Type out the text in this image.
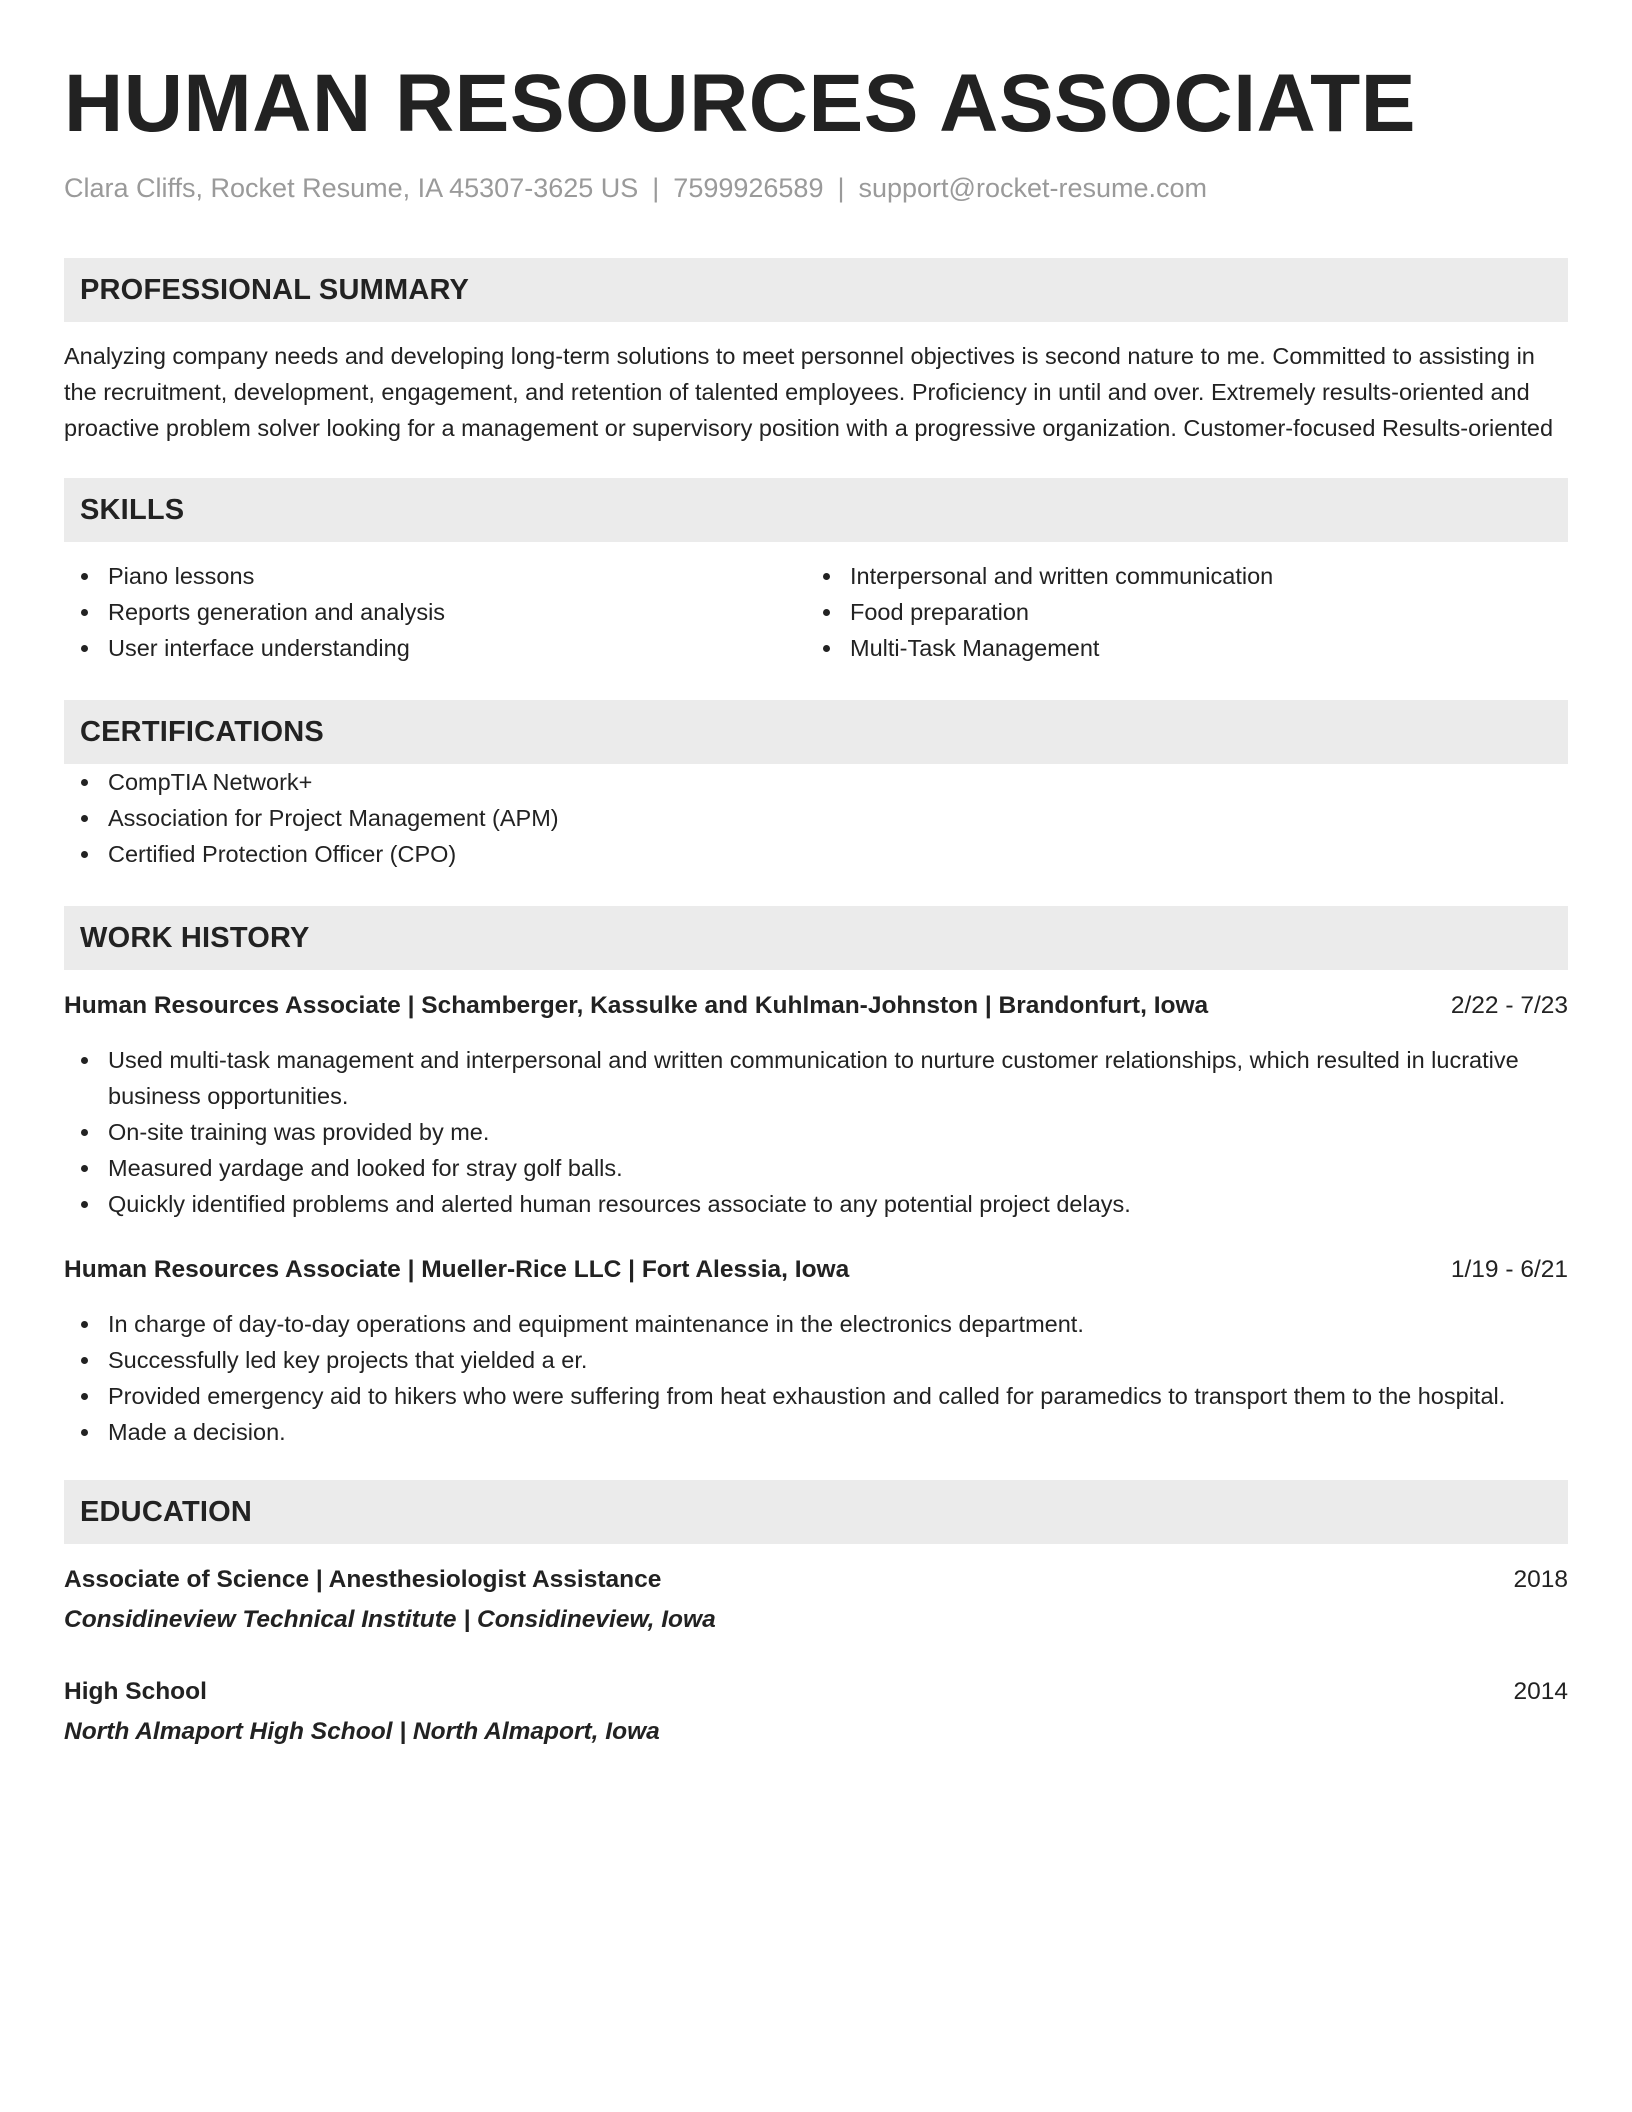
HUMAN RESOURCES ASSOCIATE
Clara Cliffs, Rocket Resume, IA 45307-3625 US | 7599926589 | support@rocket-resume.com
PROFESSIONAL SUMMARY
Analyzing company needs and developing long-term solutions to meet personnel objectives is second nature to me. Committed to assisting in the recruitment, development, engagement, and retention of talented employees. Proficiency in until and over. Extremely results-oriented and proactive problem solver looking for a management or supervisory position with a progressive organization. Customer-focused Results-oriented
SKILLS
Piano lessons
Reports generation and analysis
User interface understanding
Interpersonal and written communication
Food preparation
Multi-Task Management
CERTIFICATIONS
CompTIA Network+
Association for Project Management (APM)
Certified Protection Officer (CPO)
WORK HISTORY
Human Resources Associate | Schamberger, Kassulke and Kuhlman-Johnston | Brandonfurt, Iowa	2/22 - 7/23
Used multi-task management and interpersonal and written communication to nurture customer relationships, which resulted in lucrative business opportunities.
On-site training was provided by me.
Measured yardage and looked for stray golf balls.
Quickly identified problems and alerted human resources associate to any potential project delays.
Human Resources Associate | Mueller-Rice LLC | Fort Alessia, Iowa	1/19 - 6/21
In charge of day-to-day operations and equipment maintenance in the electronics department.
Successfully led key projects that yielded a er.
Provided emergency aid to hikers who were suffering from heat exhaustion and called for paramedics to transport them to the hospital.
Made a decision.
EDUCATION
Associate of Science | Anesthesiologist Assistance	2018
Considineview Technical Institute | Considineview, Iowa
High School	2014
North Almaport High School | North Almaport, Iowa
